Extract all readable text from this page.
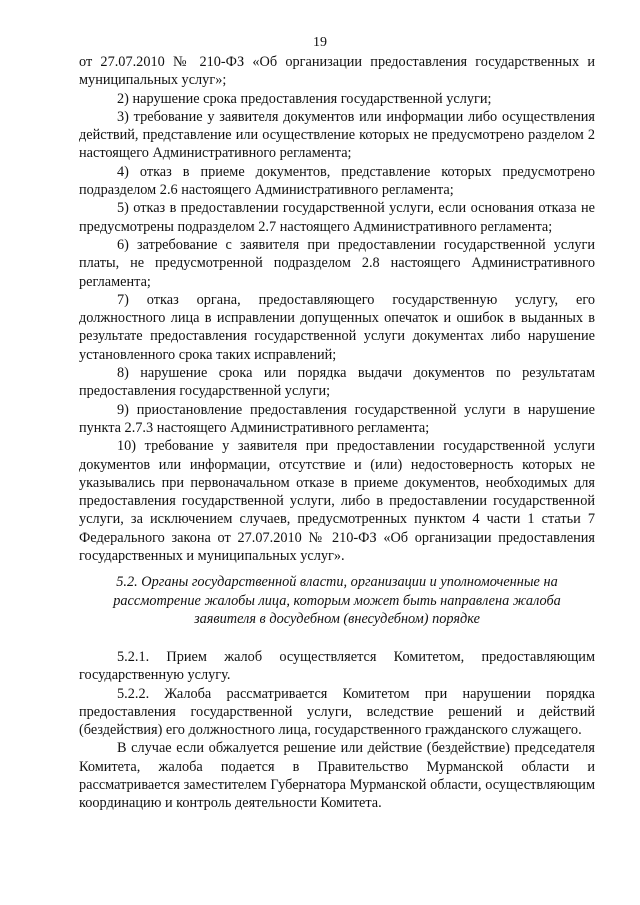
19

от 27.07.2010 № 210-ФЗ «Об организации предоставления государственных и муниципальных услуг»;

2) нарушение срока предоставления государственной услуги;

3) требование у заявителя документов или информации либо осуществления действий, представление или осуществление которых не предусмотрено разделом 2 настоящего Административного регламента;

4) отказ в приеме документов, представление которых предусмотрено подразделом 2.6 настоящего Административного регламента;

5) отказ в предоставлении государственной услуги, если основания отказа не предусмотрены подразделом 2.7 настоящего Административного регламента;

6) затребование с заявителя при предоставлении государственной услуги платы, не предусмотренной подразделом 2.8 настоящего Административного регламента;

7) отказ органа, предоставляющего государственную услугу, его должностного лица в исправлении допущенных опечаток и ошибок в выданных в результате предоставления государственной услуги документах либо нарушение установленного срока таких исправлений;

8) нарушение срока или порядка выдачи документов по результатам предоставления государственной услуги;

9) приостановление предоставления государственной услуги в нарушение пункта 2.7.3 настоящего Административного регламента;

10) требование у заявителя при предоставлении государственной услуги документов или информации, отсутствие и (или) недостоверность которых не указывались при первоначальном отказе в приеме документов, необходимых для предоставления государственной услуги, либо в предоставлении государственной услуги, за исключением случаев, предусмотренных пунктом 4 части 1 статьи 7 Федерального закона от 27.07.2010 № 210-ФЗ «Об организации предоставления государственных и муниципальных услуг».

5.2. Органы государственной власти, организации и уполномоченные на
рассмотрение жалобы лица, которым может быть направлена жалоба
заявителя в досудебном (внесудебном) порядке

5.2.1. Прием жалоб осуществляется Комитетом, предоставляющим государственную услугу.

5.2.2. Жалоба рассматривается Комитетом при нарушении порядка предоставления государственной услуги, вследствие решений и действий (бездействия) его должностного лица, государственного гражданского служащего.

В случае если обжалуется решение или действие (бездействие) председателя Комитета, жалоба подается в Правительство Мурманской области и рассматривается заместителем Губернатора Мурманской области, осуществляющим координацию и контроль деятельности Комитета.
